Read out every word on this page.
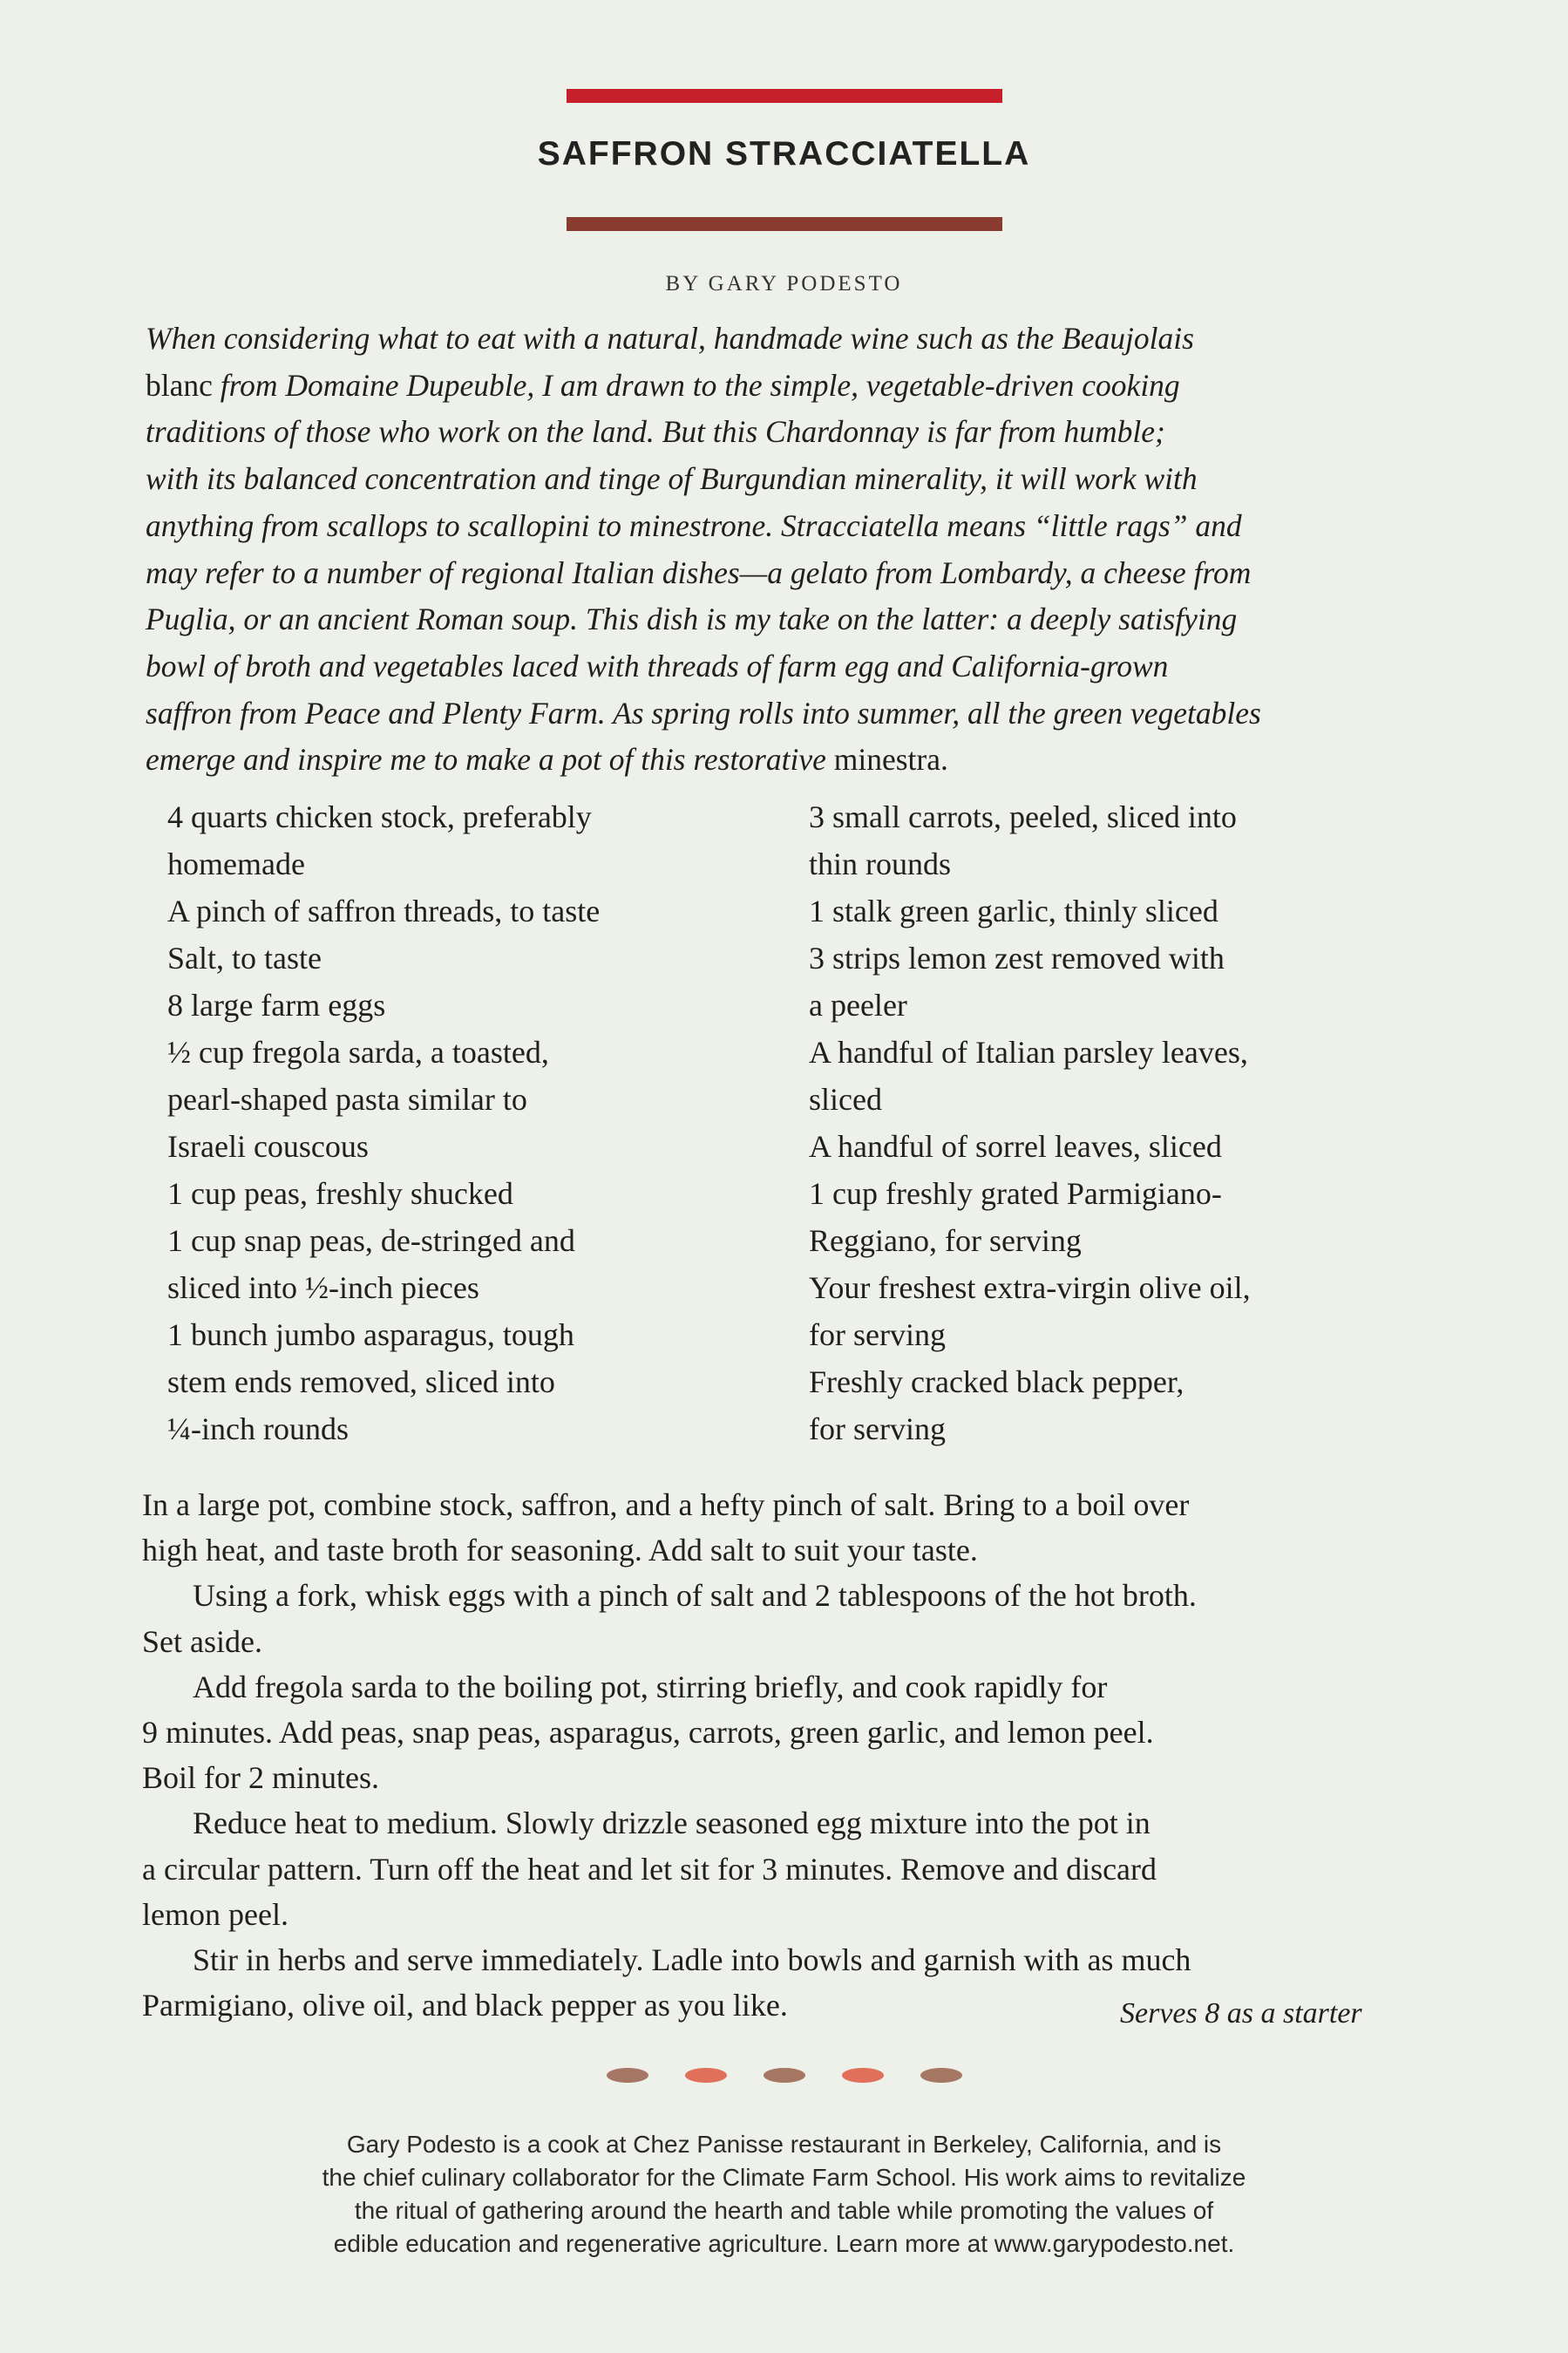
SAFFRON STRACCIATELLA
BY GARY PODESTO
When considering what to eat with a natural, handmade wine such as the Beaujolais
blanc from Domaine Dupeuble, I am drawn to the simple, vegetable-driven cooking
traditions of those who work on the land. But this Chardonnay is far from humble;
with its balanced concentration and tinge of Burgundian minerality, it will work with
anything from scallops to scallopini to minestrone. Stracciatella means “little rags” and
may refer to a number of regional Italian dishes—a gelato from Lombardy, a cheese from
Puglia, or an ancient Roman soup. This dish is my take on the latter: a deeply satisfying
bowl of broth and vegetables laced with threads of farm egg and California-grown
saffron from Peace and Plenty Farm. As spring rolls into summer, all the green vegetables
emerge and inspire me to make a pot of this restorative minestra.

4 quarts chicken stock, preferably
homemade

A pinch of saffron threads, to taste

Salt, to taste

8 large farm eggs

½ cup fregola sarda, a toasted,
pearl-shaped pasta similar to
Israeli couscous

1 cup peas, freshly shucked

1 cup snap peas, de-stringed and
sliced into ½-inch pieces

1 bunch jumbo asparagus, tough
stem ends removed, sliced into
¼-inch rounds

3 small carrots, peeled, sliced into
thin rounds

1 stalk green garlic, thinly sliced

3 strips lemon zest removed with
a peeler

A handful of Italian parsley leaves,
sliced

A handful of sorrel leaves, sliced

1 cup freshly grated Parmigiano-
Reggiano, for serving

Your freshest extra-virgin olive oil,
for serving

Freshly cracked black pepper,
for serving

In a large pot, combine stock, saffron, and a hefty pinch of salt. Bring to a boil over
high heat, and taste broth for seasoning. Add salt to suit your taste.

Using a fork, whisk eggs with a pinch of salt and 2 tablespoons of the hot broth.
Set aside.

Add fregola sarda to the boiling pot, stirring briefly, and cook rapidly for
9 minutes. Add peas, snap peas, asparagus, carrots, green garlic, and lemon peel.
Boil for 2 minutes.

Reduce heat to medium. Slowly drizzle seasoned egg mixture into the pot in
a circular pattern. Turn off the heat and let sit for 3 minutes. Remove and discard
lemon peel.

Stir in herbs and serve immediately. Ladle into bowls and garnish with as much
Parmigiano, olive oil, and black pepper as you like.	Serves 8 as a starter
Gary Podesto is a cook at Chez Panisse restaurant in Berkeley, California, and is
the chief culinary collaborator for the Climate Farm School. His work aims to revitalize
the ritual of gathering around the hearth and table while promoting the values of
edible education and regenerative agriculture. Learn more at www.garypodesto.net.
